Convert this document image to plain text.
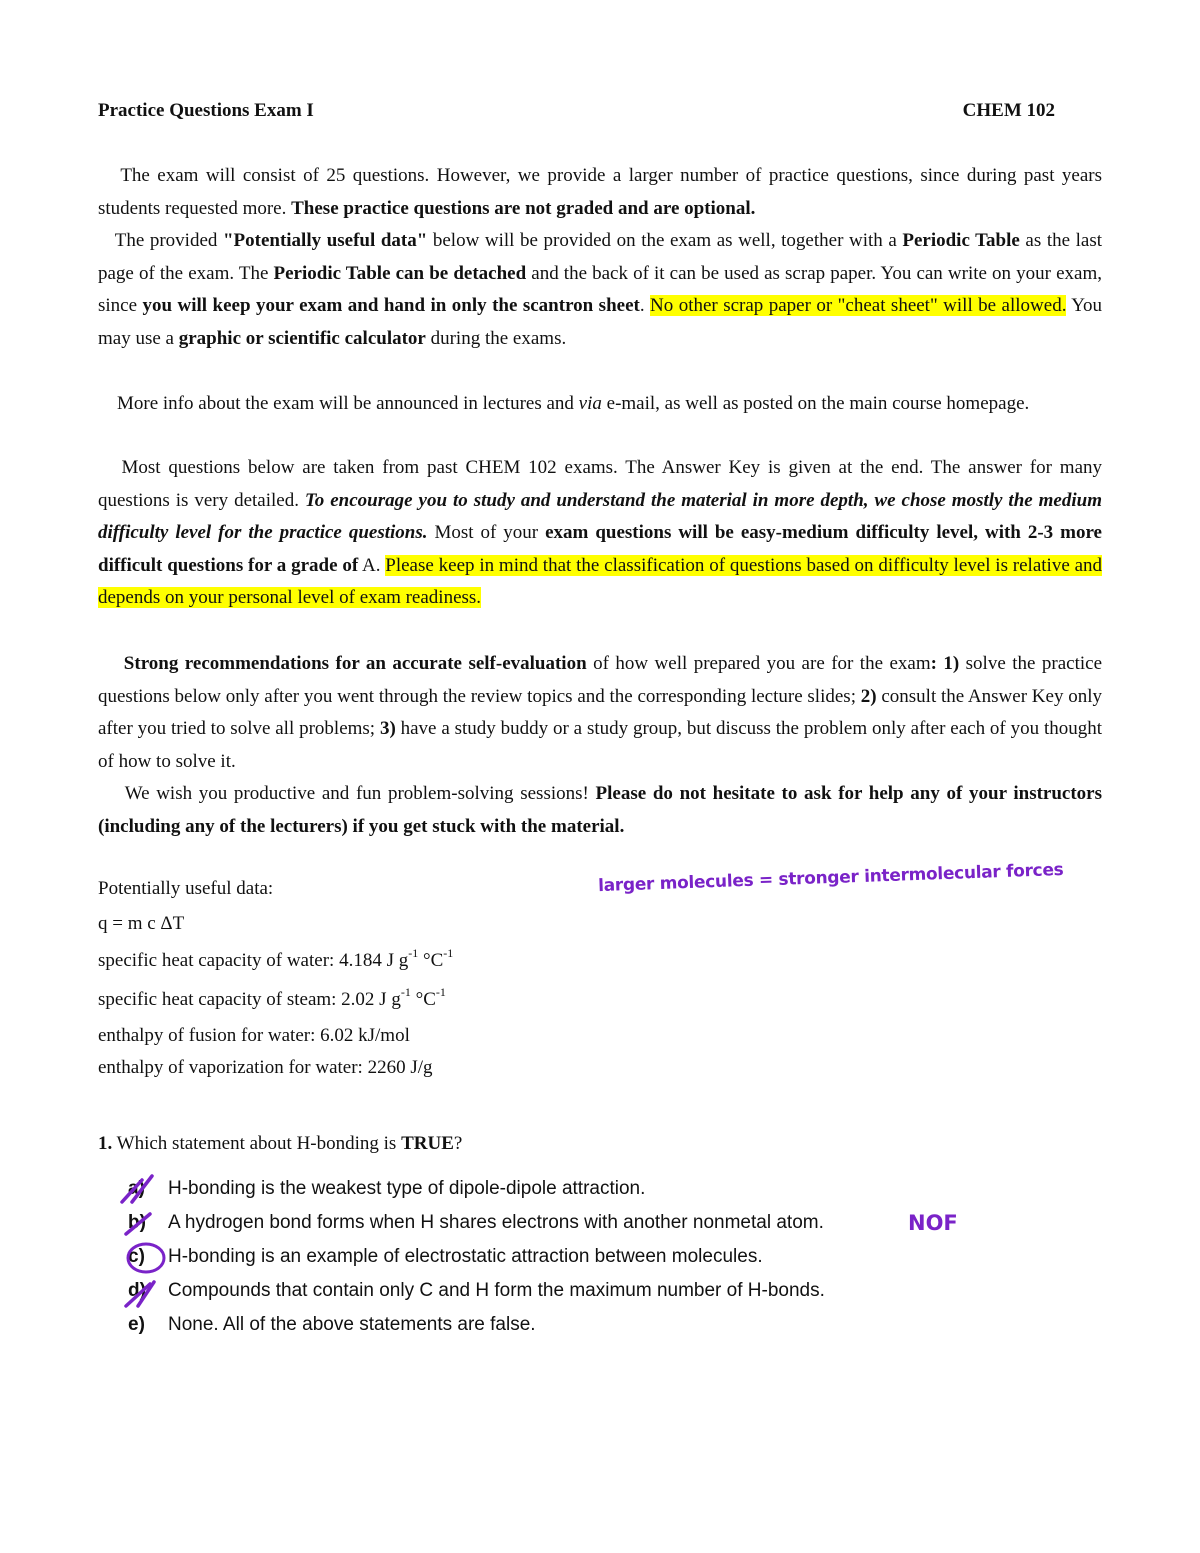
Practice Questions Exam I	CHEM 102
The exam will consist of 25 questions. However, we provide a larger number of practice questions, since during past years students requested more. These practice questions are not graded and are optional.
The provided "Potentially useful data" below will be provided on the exam as well, together with a Periodic Table as the last page of the exam. The Periodic Table can be detached and the back of it can be used as scrap paper. You can write on your exam, since you will keep your exam and hand in only the scantron sheet. No other scrap paper or "cheat sheet" will be allowed. You may use a graphic or scientific calculator during the exams.
More info about the exam will be announced in lectures and via e-mail, as well as posted on the main course homepage.
Most questions below are taken from past CHEM 102 exams. The Answer Key is given at the end. The answer for many questions is very detailed. To encourage you to study and understand the material in more depth, we chose mostly the medium difficulty level for the practice questions. Most of your exam questions will be easy-medium difficulty level, with 2-3 more difficult questions for a grade of A. Please keep in mind that the classification of questions based on difficulty level is relative and depends on your personal level of exam readiness.
Strong recommendations for an accurate self-evaluation of how well prepared you are for the exam: 1) solve the practice questions below only after you went through the review topics and the corresponding lecture slides; 2) consult the Answer Key only after you tried to solve all problems; 3) have a study buddy or a study group, but discuss the problem only after each of you thought of how to solve it.
We wish you productive and fun problem-solving sessions! Please do not hesitate to ask for help any of your instructors (including any of the lecturers) if you get stuck with the material.
Potentially useful data:
q = m c ΔT
specific heat capacity of water: 4.184 J $g^{-1}$ $^\circ C^{-1}$
specific heat capacity of steam: 2.02 J $g^{-1}$ $^\circ C^{-1}$
enthalpy of fusion for water: 6.02 kJ/mol
enthalpy of vaporization for water: 2260 J/g
larger molecules = stronger intermolecular forces
1. Which statement about H-bonding is TRUE?
a) H-bonding is the weakest type of dipole-dipole attraction.
b) A hydrogen bond forms when H shares electrons with another nonmetal atom.
c) H-bonding is an example of electrostatic attraction between molecules.
d) Compounds that contain only C and H form the maximum number of H-bonds.
e) None. All of the above statements are false.
NOF
